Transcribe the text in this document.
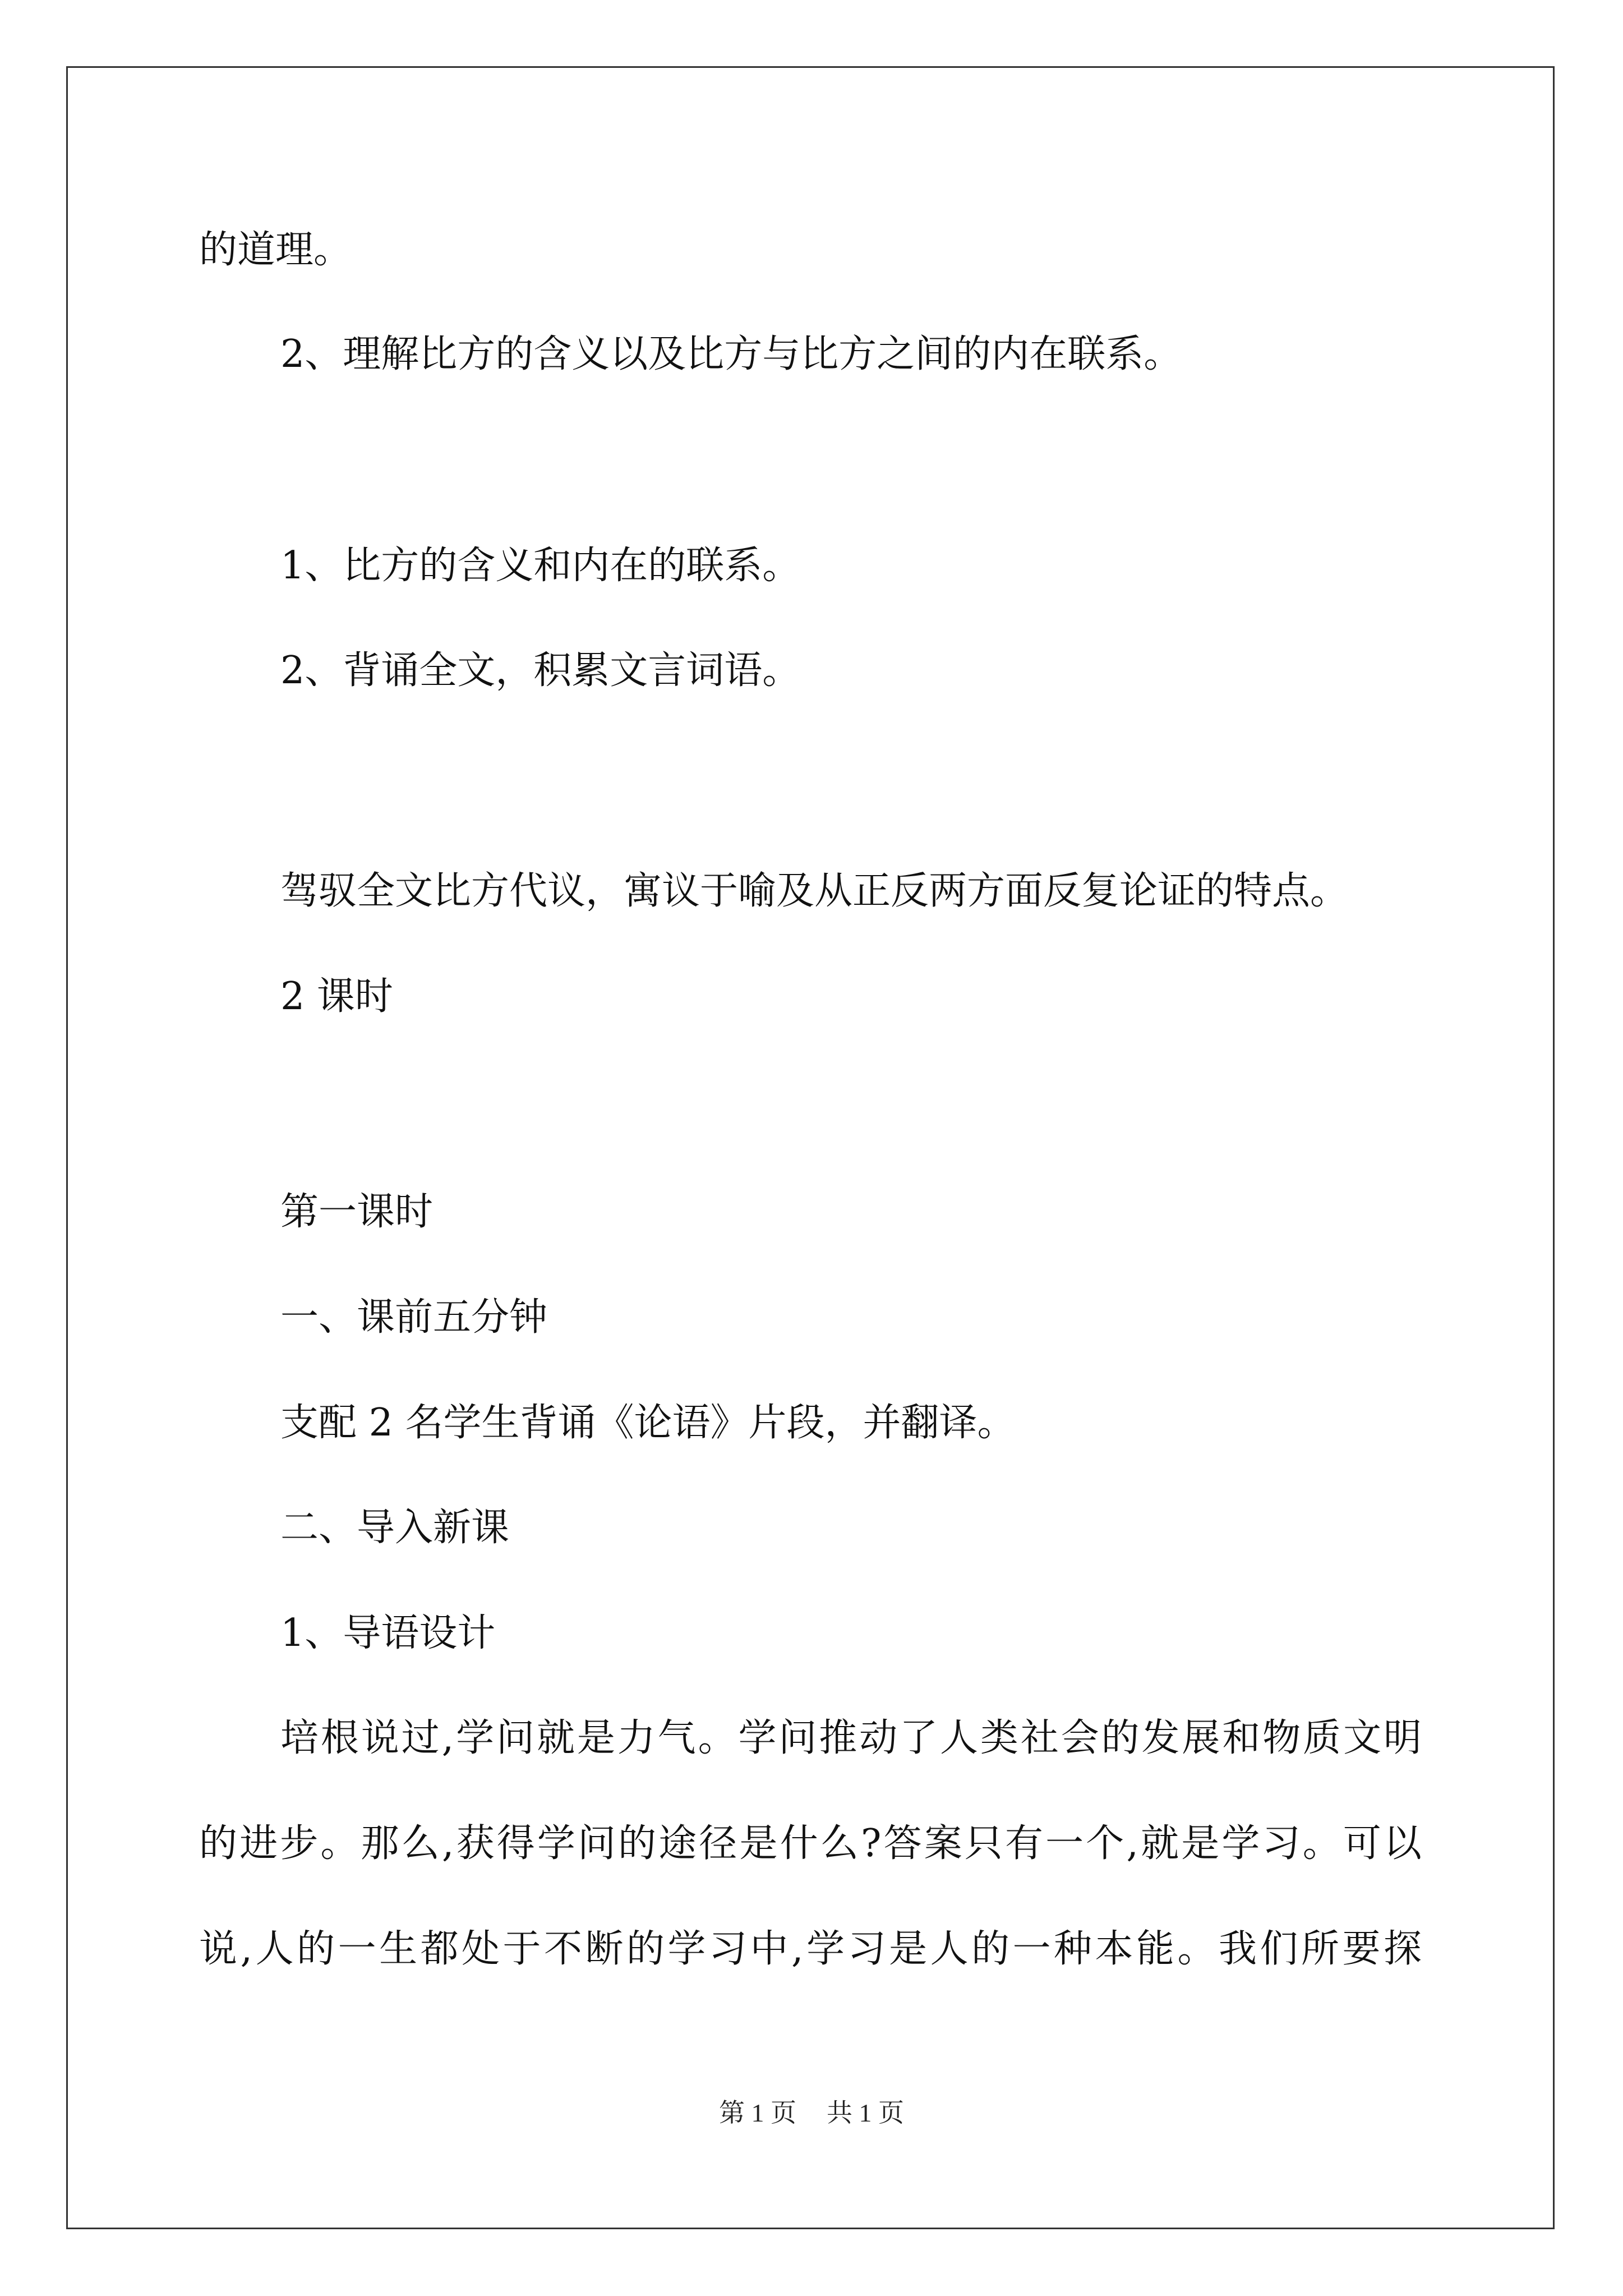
的道理。
2、理解比方的含义以及比方与比方之间的内在联系。
1、比方的含义和内在的联系。
2、背诵全文，积累文言词语。
驾驭全文比方代议，寓议于喻及从正反两方面反复论证的特点。
2 课时
第一课时
一、课前五分钟
支配 2 名学生背诵《论语》片段，并翻译。
二、导入新课
1、导语设计
培根说过,学问就是力气。学问推动了人类社会的发展和物质文明
的进步。那么,获得学问的途径是什么?答案只有一个,就是学习。可以
说,人的一生都处于不断的学习中,学习是人的一种本能。我们所要探
第 1 页 共 1 页
